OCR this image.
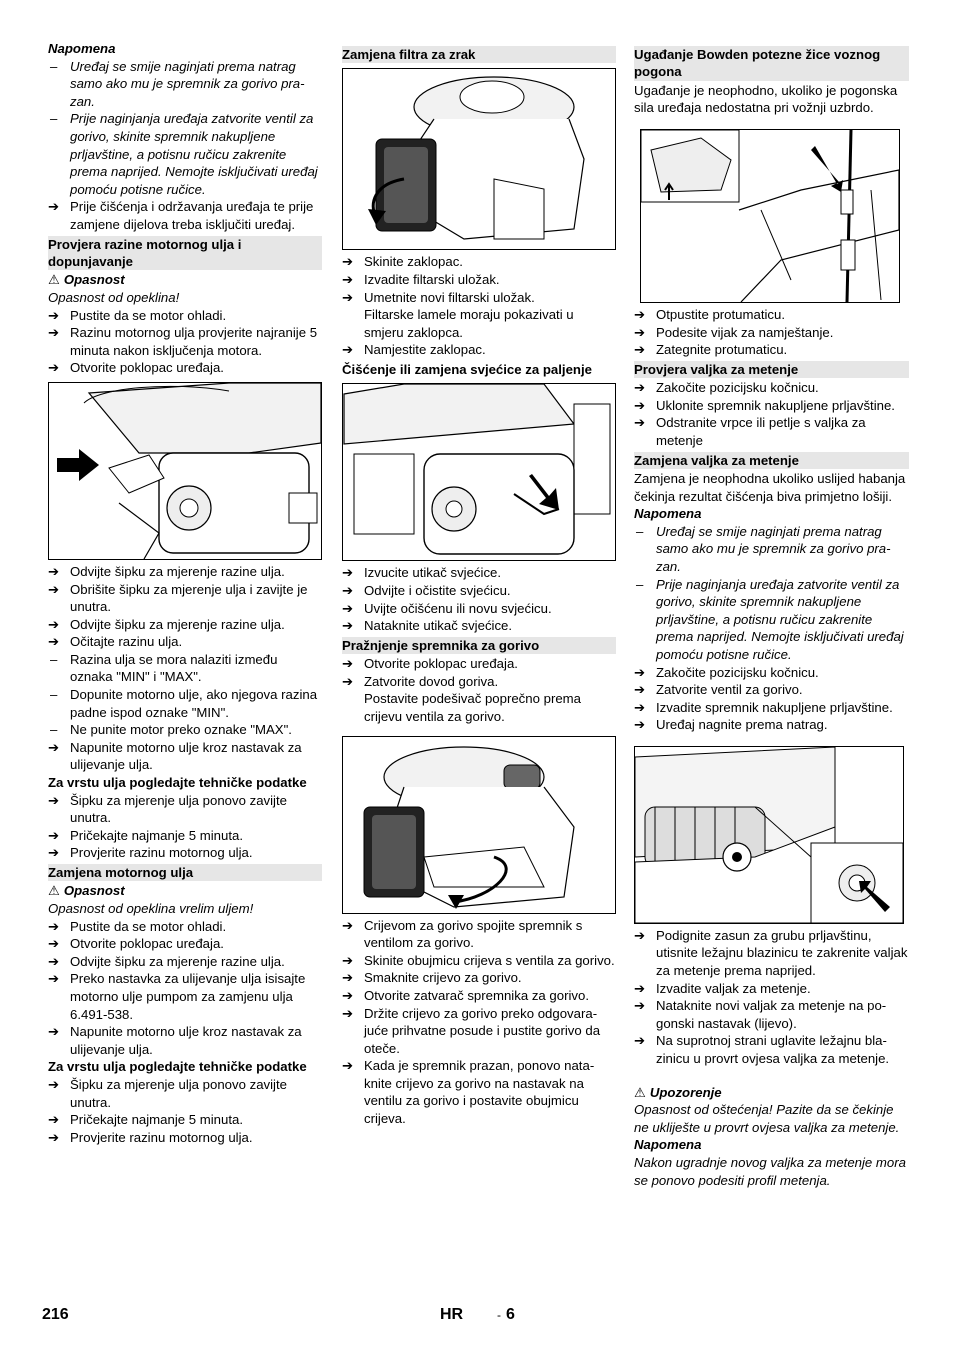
Napomena

– Uređaj se smije naginjati prema natrag samo ako mu je spremnik za gorivo prazan.
– Prije naginjanja uređaja zatvorite ventil za gorivo, skinite spremnik nakupljene prljavštine, a potisnu ručicu zakrenite prema naprijed. Nemojte isključivati uređaj pomoću potisne ručice.
➔ Prije čišćenja i održavanja uređaja te prije zamjene dijelova treba isključiti uređaj.
Provjera razine motornog ulja i dopunjavanje

⚠ Opasnost

Opasnost od opeklina!

➔ Pustite da se motor ohladi.
➔ Razinu motornog ulja provjerite najranije 5 minuta nakon isključenja motora.
➔ Otvorite poklopac uređaja.
➔ Odvijte šipku za mjerenje razine ulja.
➔ Obrišite šipku za mjerenje ulja i zavijte je unutra.
➔ Odvijte šipku za mjerenje razine ulja.
➔ Očitajte razinu ulja.
– Razina ulja se mora nalaziti između oznaka "MIN" i "MAX".
– Dopunite motorno ulje, ako njegova razina padne ispod oznake "MIN".
– Ne punite motor preko oznake "MAX".
➔ Napunite motorno ulje kroz nastavak za ulijevanje ulja.

Za vrstu ulja pogledajte tehničke podatke

➔ Šipku za mjerenje ulja ponovo zavijte unutra.
➔ Pričekajte najmanje 5 minuta.
➔ Provjerite razinu motornog ulja.
Zamjena motornog ulja

⚠ Opasnost

Opasnost od opeklina vrelim uljem!

➔ Pustite da se motor ohladi.
➔ Otvorite poklopac uređaja.
➔ Odvijte šipku za mjerenje razine ulja.
➔ Preko nastavka za ulijevanje ulja isisajte motorno ulje pumpom za zamjenu ulja 6.491-538.
➔ Napunite motorno ulje kroz nastavak za ulijevanje ulja.

Za vrstu ulja pogledajte tehničke podatke

➔ Šipku za mjerenje ulja ponovo zavijte unutra.
➔ Pričekajte najmanje 5 minuta.
➔ Provjerite razinu motornog ulja.
Zamjena filtra za zrak
➔ Skinite zaklopac.
➔ Izvadite filtarski uložak.
➔ Umetnite novi filtarski uložak.

Filtarske lamele moraju pokazivati u smjeru zaklopca.

➔ Namjestite zaklopac.
Čišćenje ili zamjena svjećice za paljenje
➔ Izvucite utikač svjećice.
➔ Odvijte i očistite svjećicu.
➔ Uvijte očišćenu ili novu svjećicu.
➔ Nataknite utikač svjećice.
Pražnjenje spremnika za gorivo
➔ Otvorite poklopac uređaja.
➔ Zatvorite dovod goriva.

Postavite podešivač poprečno prema crijevu ventila za gorivo.

➔ Crijevom za gorivo spojite spremnik s ventilom za gorivo.
➔ Skinite obujmicu crijeva s ventila za gorivo.
➔ Smaknite crijevo za gorivo.
➔ Otvorite zatvarač spremnika za gorivo.
➔ Držite crijevo za gorivo preko odgovarajuće prihvatne posude i pustite gorivo da oteče.
➔ Kada je spremnik prazan, ponovo nataknite crijevo za gorivo na nastavak na ventilu za gorivo i postavite obujmicu crijeva.
Ugađanje Bowden potezne žice voznog pogona

Ugađanje je neophodno, ukoliko je pogonska sila uređaja nedostatna pri vožnji uzbrdo.

➔ Otpustite protumaticu.
➔ Podesite vijak za namještanje.
➔ Zategnite protumaticu.
Provjera valjka za metenje
➔ Zakočite pozicijsku kočnicu.
➔ Uklonite spremnik nakupljene prljavštine.
➔ Odstranite vrpce ili petlje s valjka za metenje
Zamjena valjka za metenje

Zamjena je neophodna ukoliko uslijed habanja čekinja rezultat čišćenja biva primjetno lošiji.

Napomena

– Uređaj se smije naginjati prema natrag samo ako mu je spremnik za gorivo prazan.
– Prije naginjanja uređaja zatvorite ventil za gorivo, skinite spremnik nakupljene prljavštine, a potisnu ručicu zakrenite prema naprijed. Nemojte isključivati uređaj pomoću potisne ručice.
➔ Zakočite pozicijsku kočnicu.
➔ Zatvorite ventil za gorivo.
➔ Izvadite spremnik nakupljene prljavštine.
➔ Uređaj nagnite prema natrag.
➔ Podignite zasun za grubu prljavštinu, utisnite ležajnu blazinicu te zakrenite valjak za metenje prema naprijed.
➔ Izvadite valjak za metenje.
➔ Nataknite novi valjak za metenje na pogonski nastavak (lijevo).
➔ Na suprotnoj strani uglavite ležajnu blazinicu u provrt ovjesa valjka za metenje.

⚠ Upozorenje

Opasnost od oštećenja! Pazite da se čekinje ne ukliješte u provrt ovjesa valjka za metenje.

Napomena

Nakon ugradnje novog valjka za metenje mora se ponovo podesiti profil metenja.

216	HR	- 6
